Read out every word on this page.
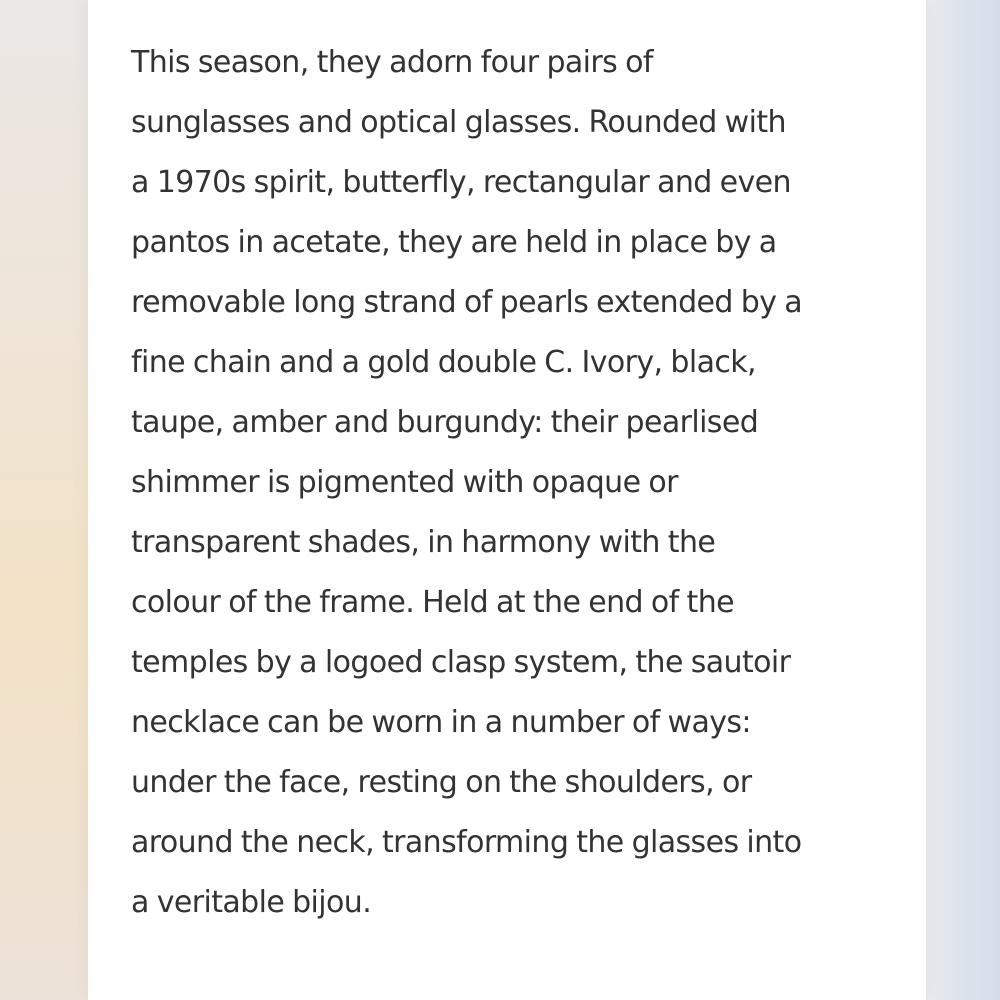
This season, they adorn four pairs of
sunglasses and optical glasses. Rounded with
a 1970s spirit, butterfly, rectangular and even
pantos in acetate, they are held in place by a
removable long strand of pearls extended by a
fine chain and a gold double C. Ivory, black,
taupe, amber and burgundy: their pearlised
shimmer is pigmented with opaque or
transparent shades, in harmony with the
colour of the frame. Held at the end of the
temples by a logoed clasp system, the sautoir
necklace can be worn in a number of ways:
under the face, resting on the shoulders, or
around the neck, transforming the glasses into
a veritable bijou.
